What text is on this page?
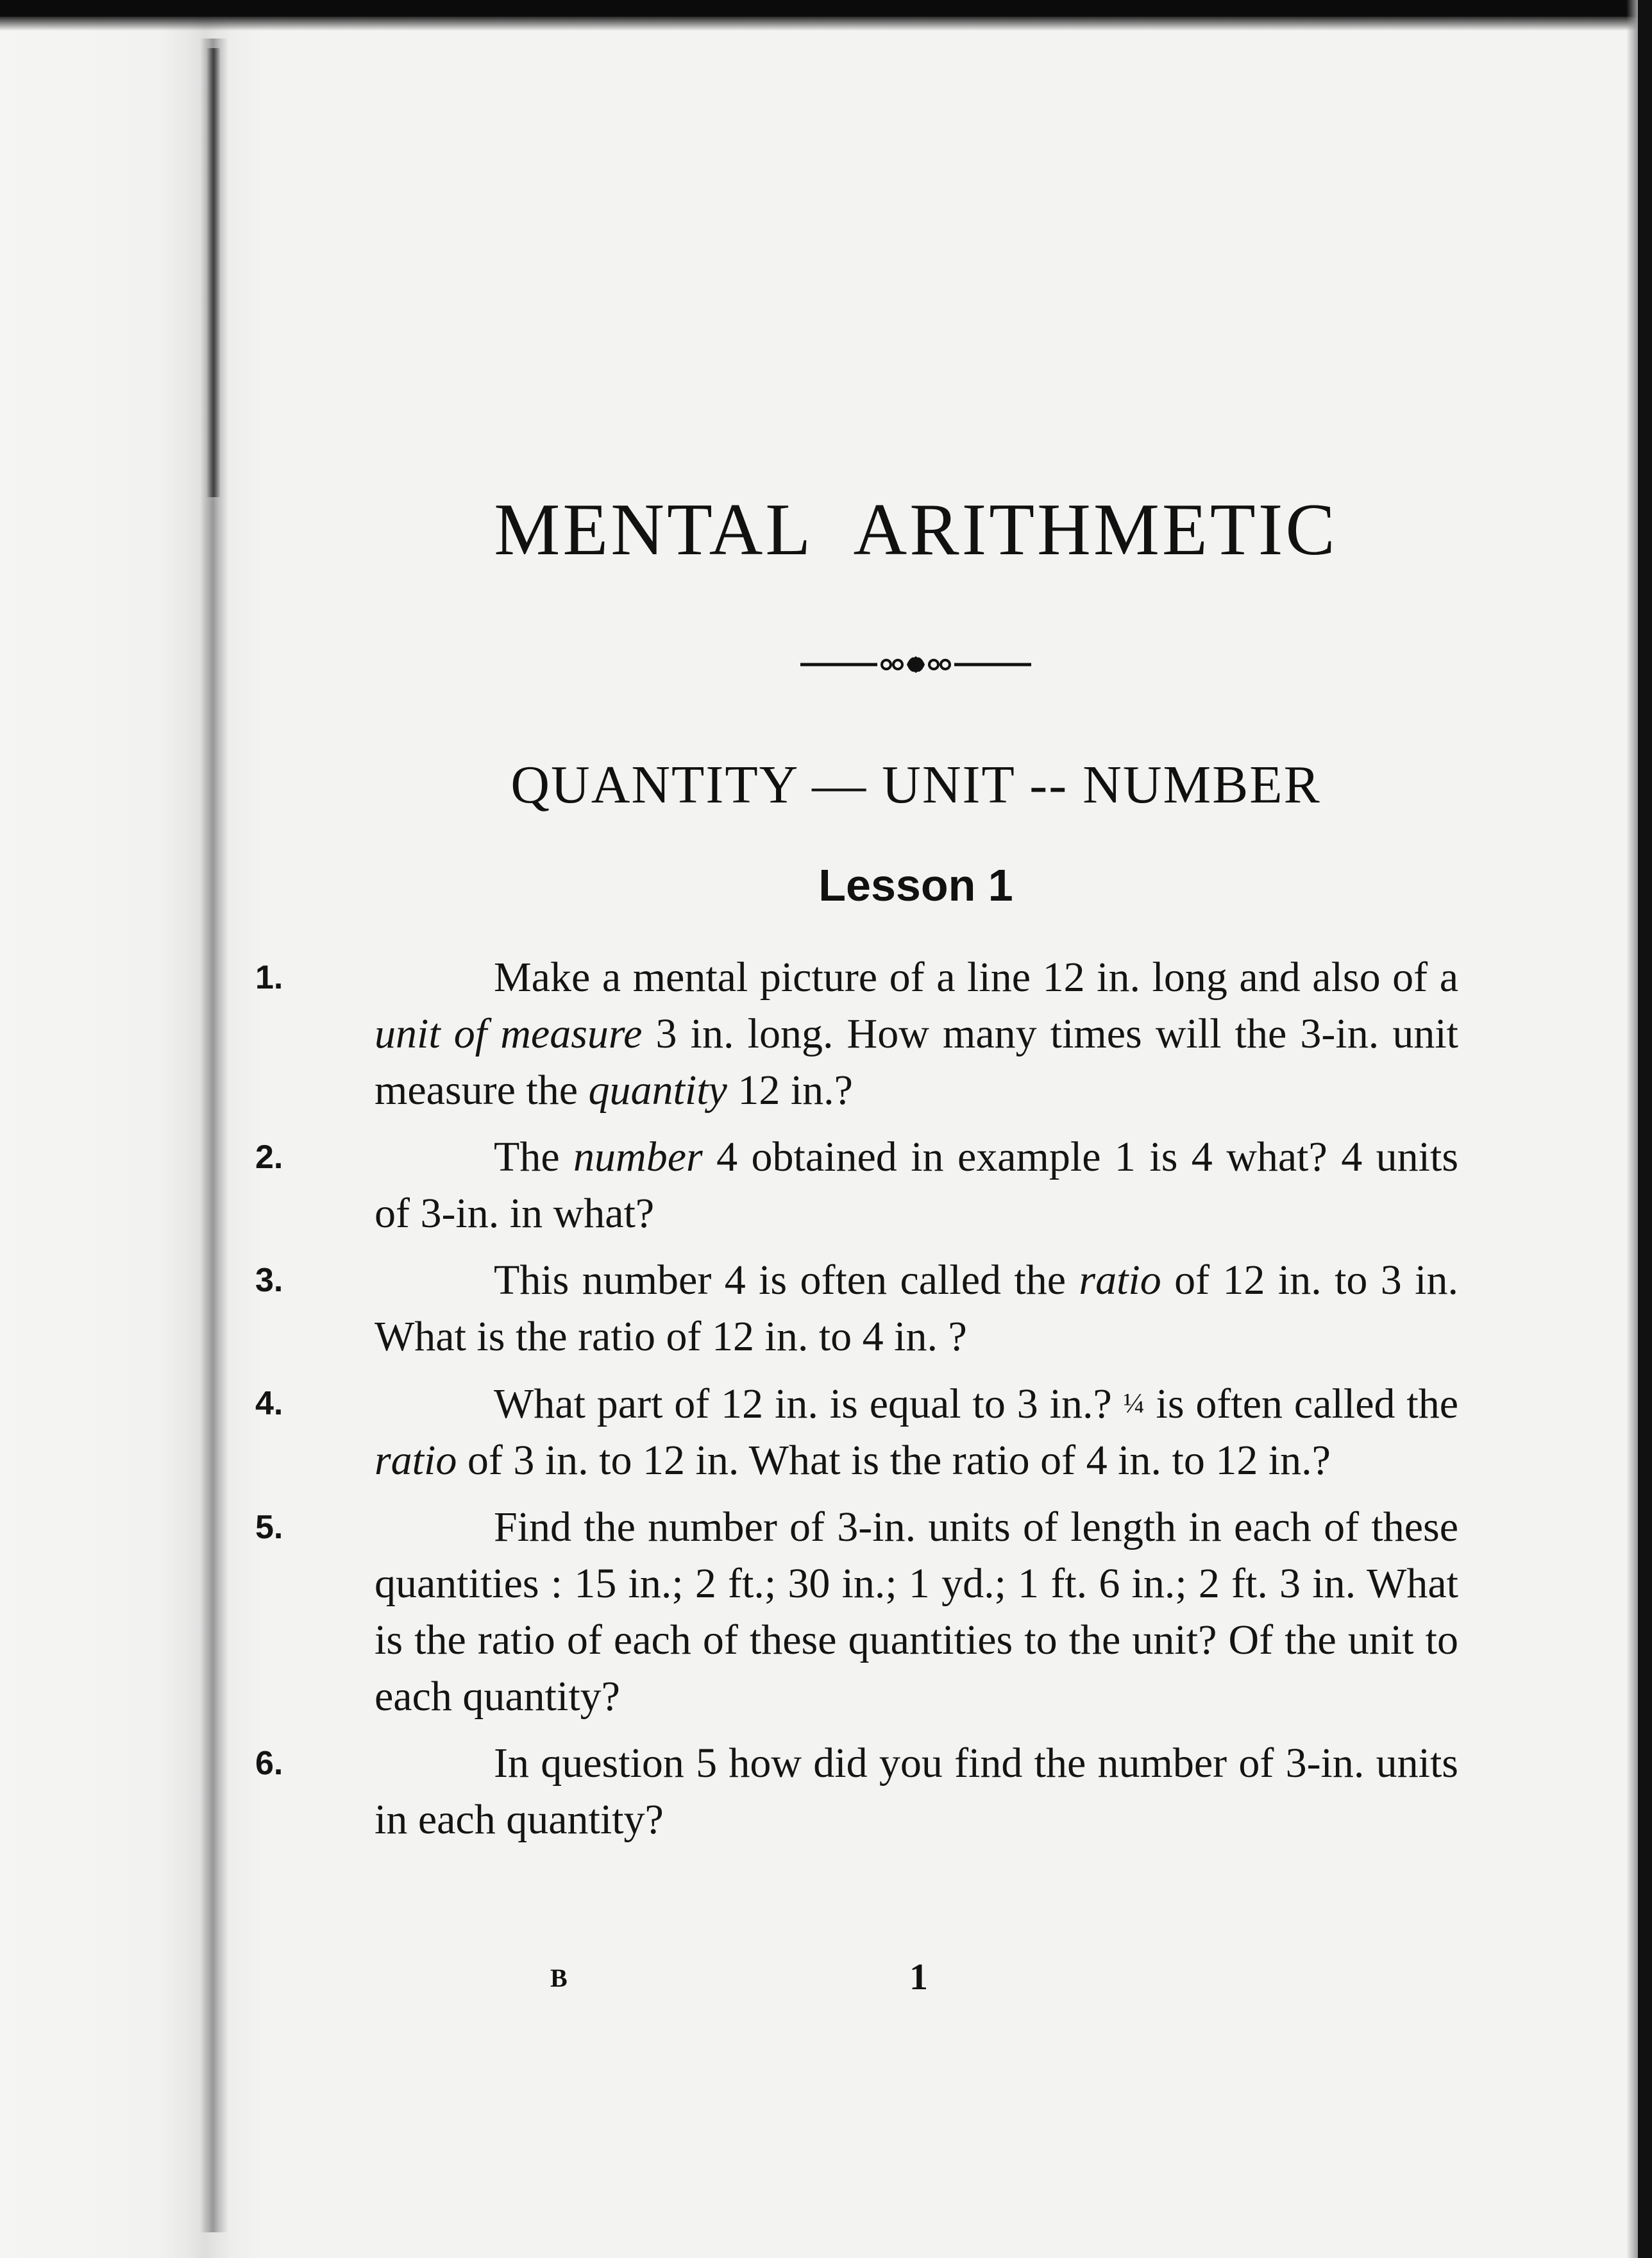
MENTAL ARITHMETIC
QUANTITY — UNIT -- NUMBER
Lesson 1

1.	Make a mental picture of a line 12 in. long and also of a unit of measure 3 in. long. How many times will the 3-in. unit measure the quantity 12 in.?

2.	The number 4 obtained in example 1 is 4 what? 4 units of 3-in. in what?

3.	This number 4 is often called the ratio of 12 in. to 3 in. What is the ratio of 12 in. to 4 in. ?

4.	What part of 12 in. is equal to 3 in.? ¼ is often called the ratio of 3 in. to 12 in. What is the ratio of 4 in. to 12 in.?

5.	Find the number of 3-in. units of length in each of these quantities : 15 in.; 2 ft.; 30 in.; 1 yd.; 1 ft. 6 in.; 2 ft. 3 in. What is the ratio of each of these quantities to the unit? Of the unit to each quantity?

6.	In question 5 how did you find the number of 3-in. units in each quantity?

B	1
